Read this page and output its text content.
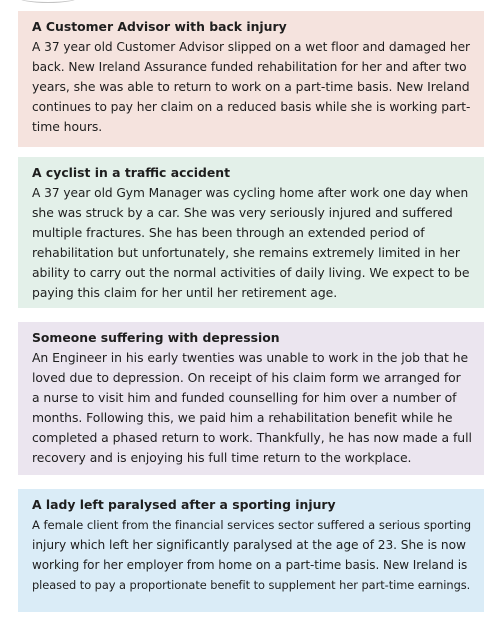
A Customer Advisor with back injury

A 37 year old Customer Advisor slipped on a wet floor and damaged her

back. New Ireland Assurance funded rehabilitation for her and after two

years, she was able to return to work on a part-time basis. New Ireland

continues to pay her claim on a reduced basis while she is working part-

time hours.

A cyclist in a traffic accident

A 37 year old Gym Manager was cycling home after work one day when

she was struck by a car. She was very seriously injured and suffered

multiple fractures. She has been through an extended period of

rehabilitation but unfortunately, she remains extremely limited in her

ability to carry out the normal activities of daily living. We expect to be

paying this claim for her until her retirement age.

Someone suffering with depression

An Engineer in his early twenties was unable to work in the job that he

loved due to depression. On receipt of his claim form we arranged for

a nurse to visit him and funded counselling for him over a number of

months. Following this, we paid him a rehabilitation benefit while he

completed a phased return to work. Thankfully, he has now made a full

recovery and is enjoying his full time return to the workplace.

A lady left paralysed after a sporting injury

A female client from the financial services sector suffered a serious sporting

injury which left her significantly paralysed at the age of 23. She is now

working for her employer from home on a part-time basis. New Ireland is

pleased to pay a proportionate benefit to supplement her part-time earnings.
